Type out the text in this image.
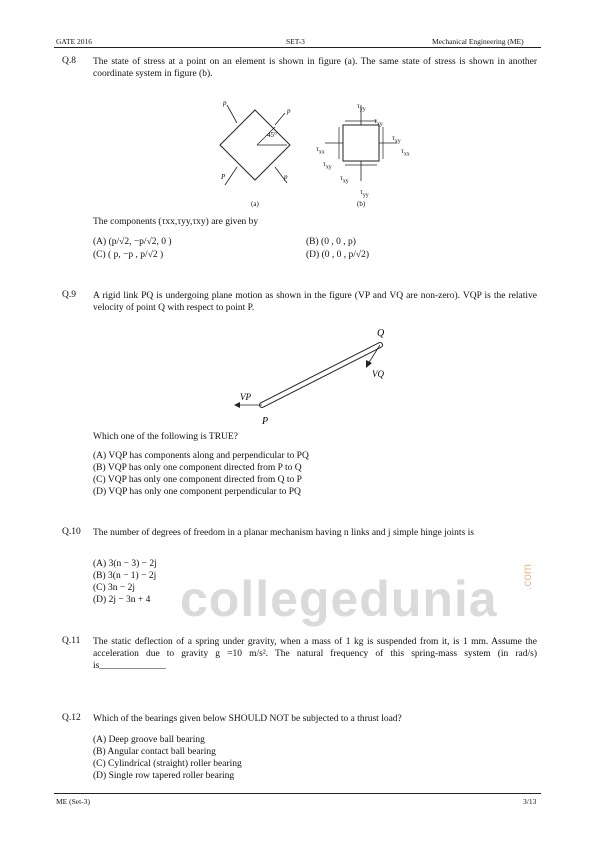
GATE 2016	SET-3	Mechanical Engineering (ME)
collegedunia .com
Q.8 The state of stress at a point on an element is shown in figure (a). The same state of stress is shown in another coordinate system in figure (b).
45°
p
p
P	p
$\tau_{yy}$
$\tau_{xy}$
$\tau_{xy}$
$\tau_{xx}$
$\tau_{xx}$
$\tau_{xy}$
$\tau_{xy}$
$\tau_{yy}$
(a)	(b)
The components (τxx,τyy,τxy) are given by
(A) (p/√2, −p/√2, 0 )	(B) (0 , 0 , p)
(C) ( p, −p , p/√2 )	(D) (0 , 0 , p/√2)
Q.9 A rigid link PQ is undergoing plane motion as shown in the figure (VP and VQ are non-zero). VQP is the relative velocity of point Q with respect to point P.
Q
P
VP
VQ
Which one of the following is TRUE?
(A) VQP has components along and perpendicular to PQ
(B) VQP has only one component directed from P to Q
(C) VQP has only one component directed from Q to P
(D) VQP has only one component perpendicular to PQ
Q.10 The number of degrees of freedom in a planar mechanism having n links and j simple hinge joints is
(A) 3(n − 3) − 2j
(B) 3(n − 1) − 2j
(C) 3n − 2j
(D) 2j − 3n + 4
Q.11 The static deflection of a spring under gravity, when a mass of 1 kg is suspended from it, is 1 mm. Assume the acceleration due to gravity g =10 m/s². The natural frequency of this spring-mass system (in rad/s) is______________
Q.12 Which of the bearings given below SHOULD NOT be subjected to a thrust load?
(A) Deep groove ball bearing
(B) Angular contact ball bearing
(C) Cylindrical (straight) roller bearing
(D) Single row tapered roller bearing
ME (Set-3)	3/13
